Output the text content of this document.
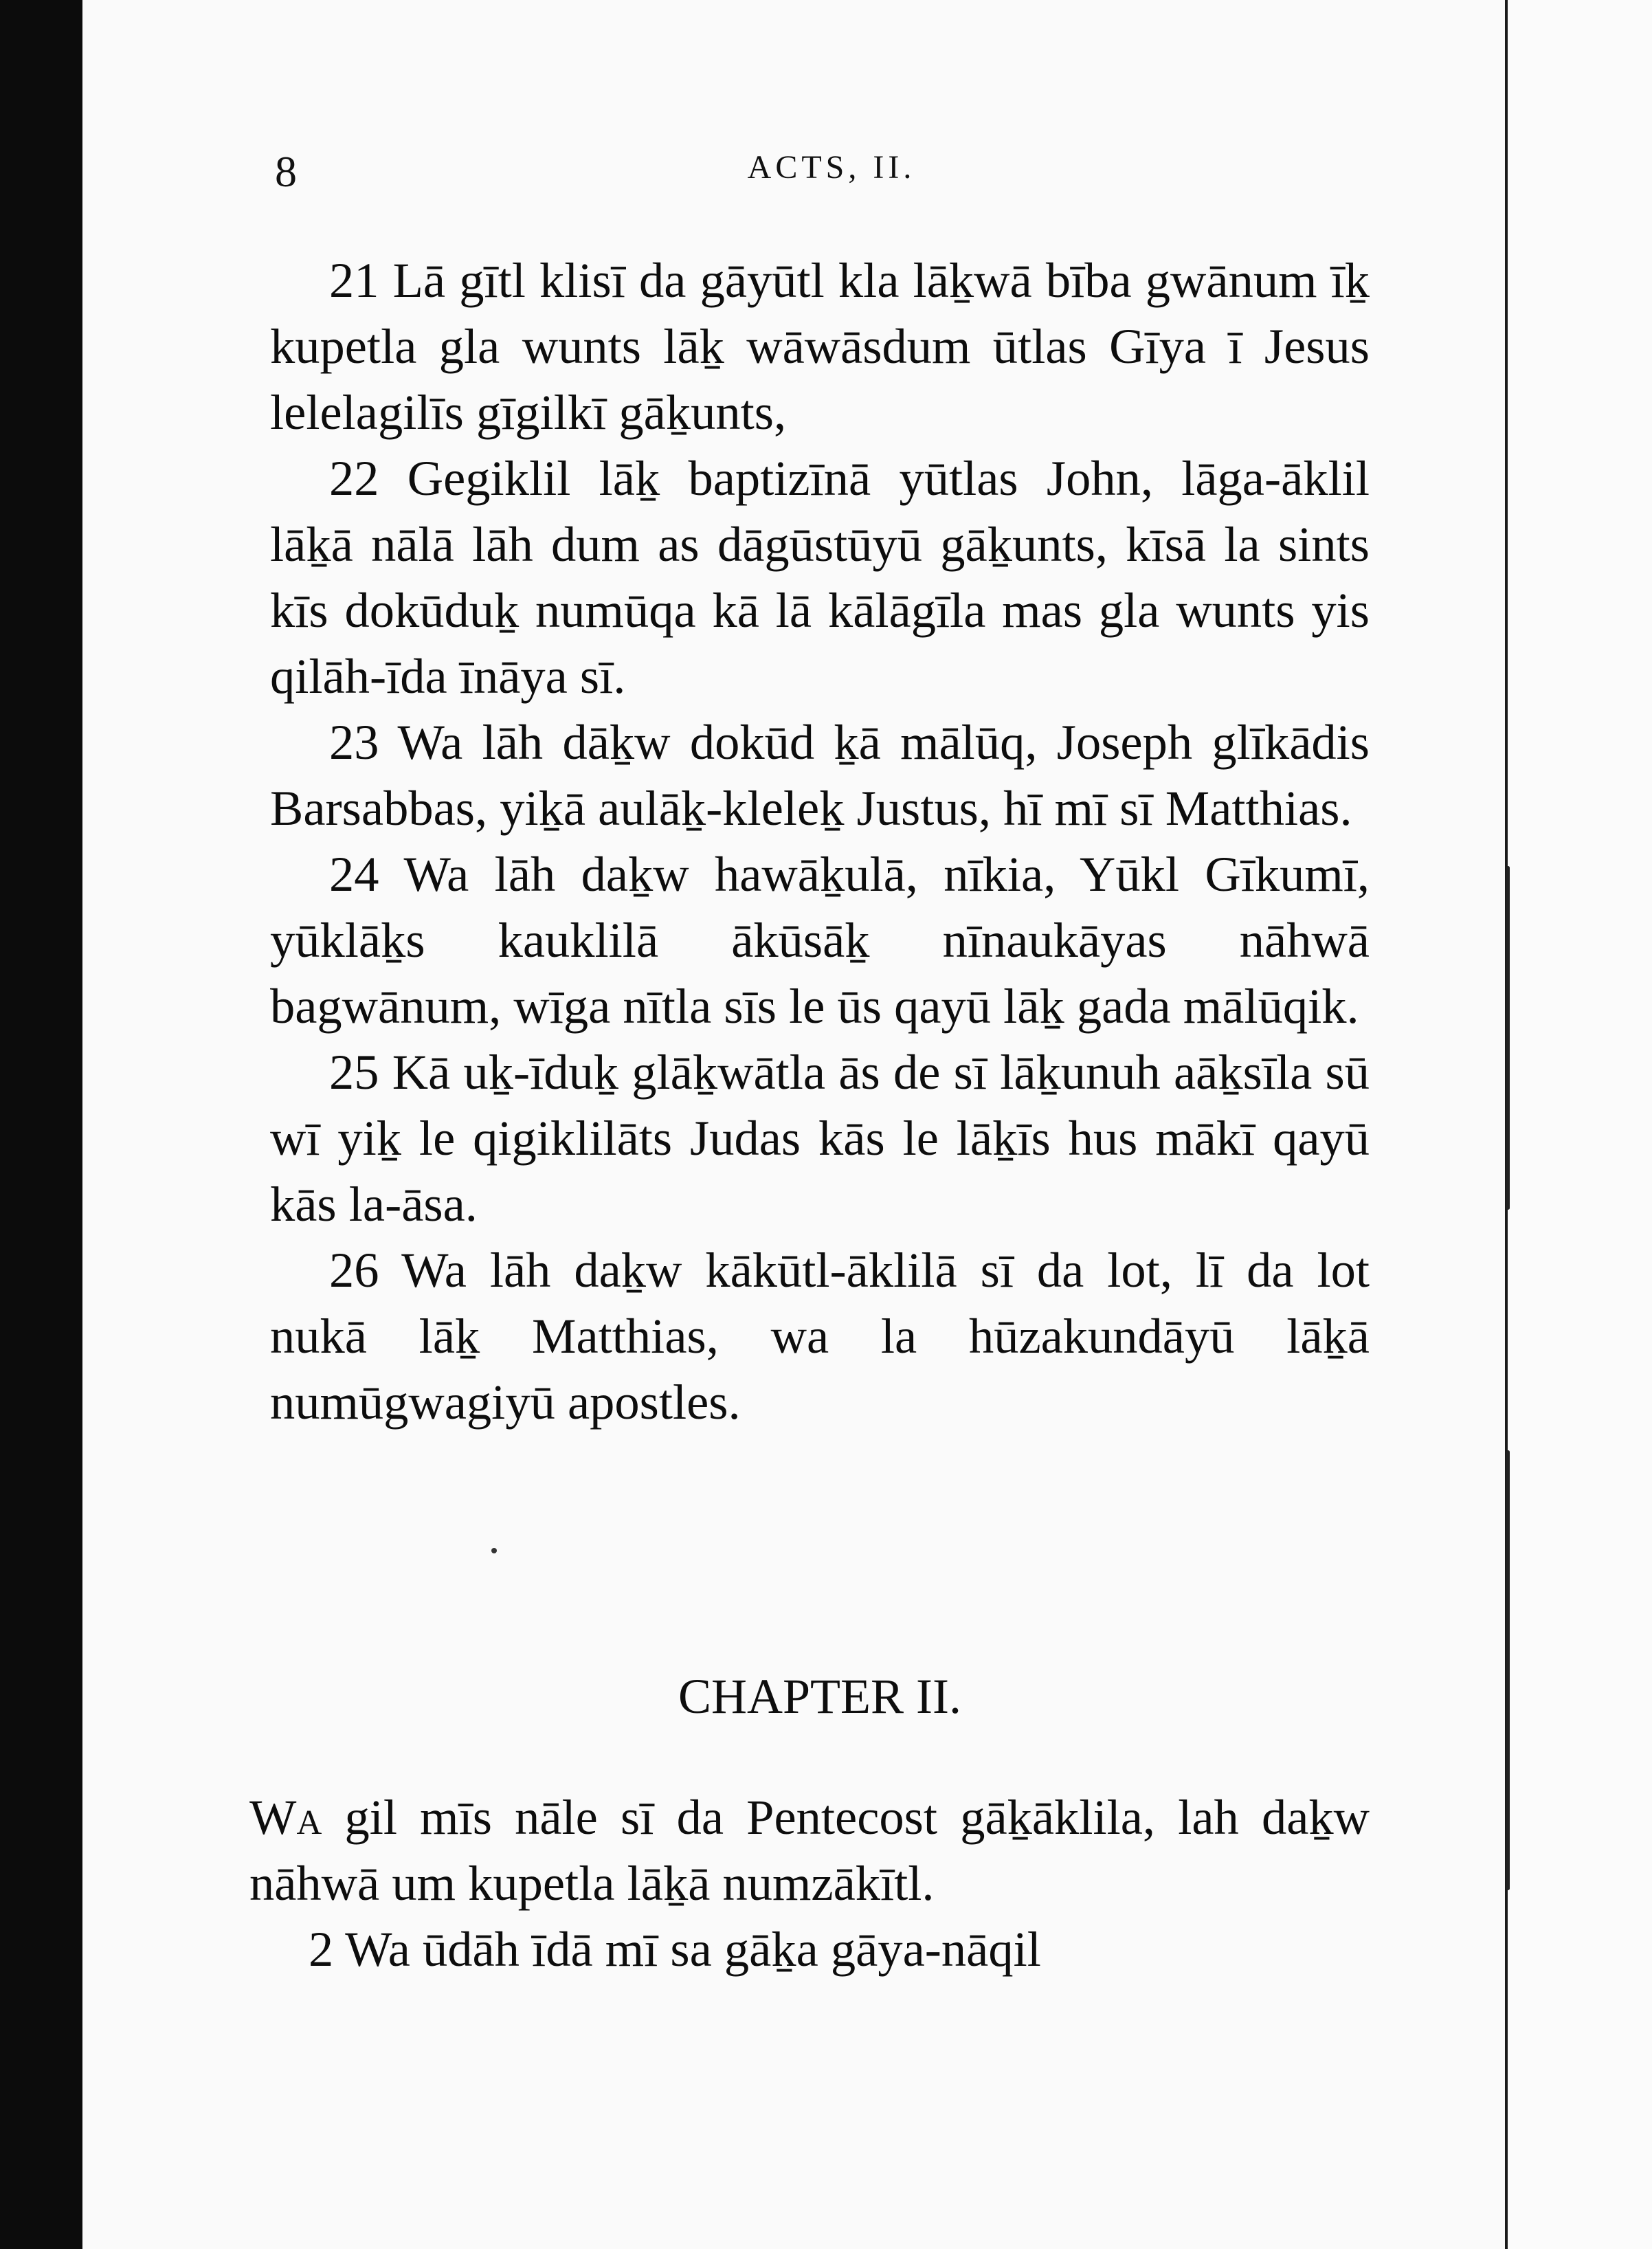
8	ACTS, II.

21 Lā gītl klisī da gāyūtl kla lāḵwā bība gwānum īḵ kupetla gla wunts lāḵ wāwāsdum ūtlas Gīya ī Jesus lelelagilīs gīgilkī gāḵunts,

22 Gegiklil lāḵ baptizīnā yūtlas John, lāga-āklil lāḵā nālā lāh dum as dāgūstūyū gāḵunts, kīsā la sints kīs dokūduḵ numūqa kā lā kālāgīla mas gla wunts yis qilāh-īda īnāya sī.

23 Wa lāh dāḵw dokūd ḵā mālūq, Joseph glīkādis Barsabbas, yiḵā aulāḵ-kleleḵ Justus, hī mī sī Matthias.

24 Wa lāh daḵw hawāḵulā, nīkia, Yūkl Gīkumī, yūklāḵs kauklilā ākūsāḵ nīnaukāyas nāhwā bagwānum, wīga nītla sīs le ūs qayū lāḵ gada mālūqik.

25 Kā uḵ-īduḵ glāḵwātla ās de sī lāḵunuh aāḵsīla sū wī yiḵ le qigiklilāts Judas kās le lāḵīs hus mākī qayū kās la-āsa.

26 Wa lāh daḵw kākūtl-āklilā sī da lot, lī da lot nukā lāḵ Matthias, wa la hūzakundāyū lāḵā numūgwagiyū apostles.

CHAPTER II.

Wa gil mīs nāle sī da Pentecost gāḵāklila, lah daḵw nāhwā um kupetla lāḵā numzākītl.

2 Wa ūdāh īdā mī sa gāḵa gāya-nāqil
